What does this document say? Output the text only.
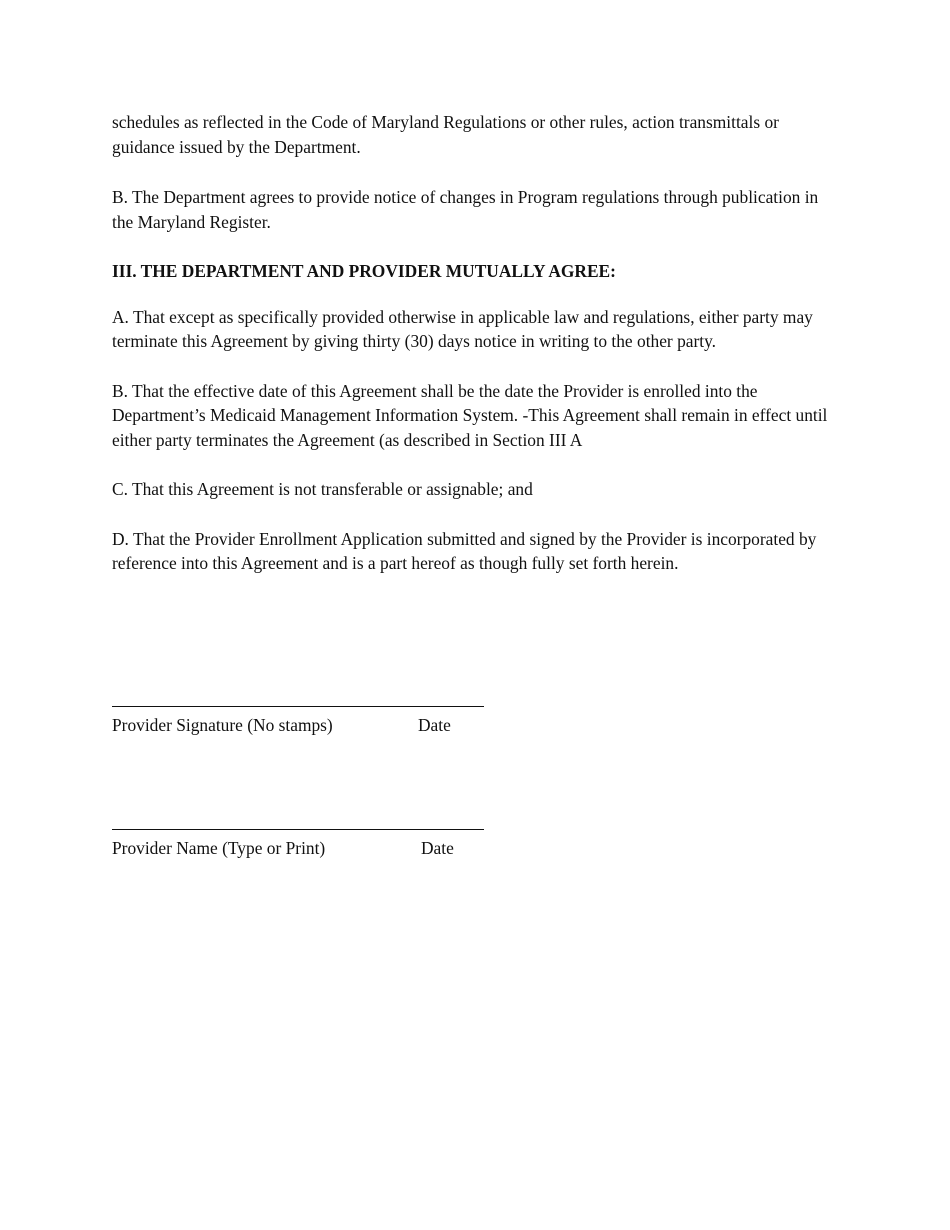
schedules as reflected in the Code of Maryland Regulations or other rules, action transmittals or guidance issued by the Department.

B. The Department agrees to provide notice of changes in Program regulations through publication in the Maryland Register.

III. THE DEPARTMENT AND PROVIDER MUTUALLY AGREE:

A. That except as specifically provided otherwise in applicable law and regulations, either party may terminate this Agreement by giving thirty (30) days notice in writing to the other party.

B. That the effective date of this Agreement shall be the date the Provider is enrolled into the Department’s Medicaid Management Information System. -This Agreement shall remain in effect until either party terminates the Agreement (as described in Section III A

C. That this Agreement is not transferable or assignable; and

D. That the Provider Enrollment Application submitted and signed by the Provider is incorporated by reference into this Agreement and is a part hereof as though fully set forth herein.

Provider Signature (No stamps)	Date
Provider Name (Type or Print)	Date
